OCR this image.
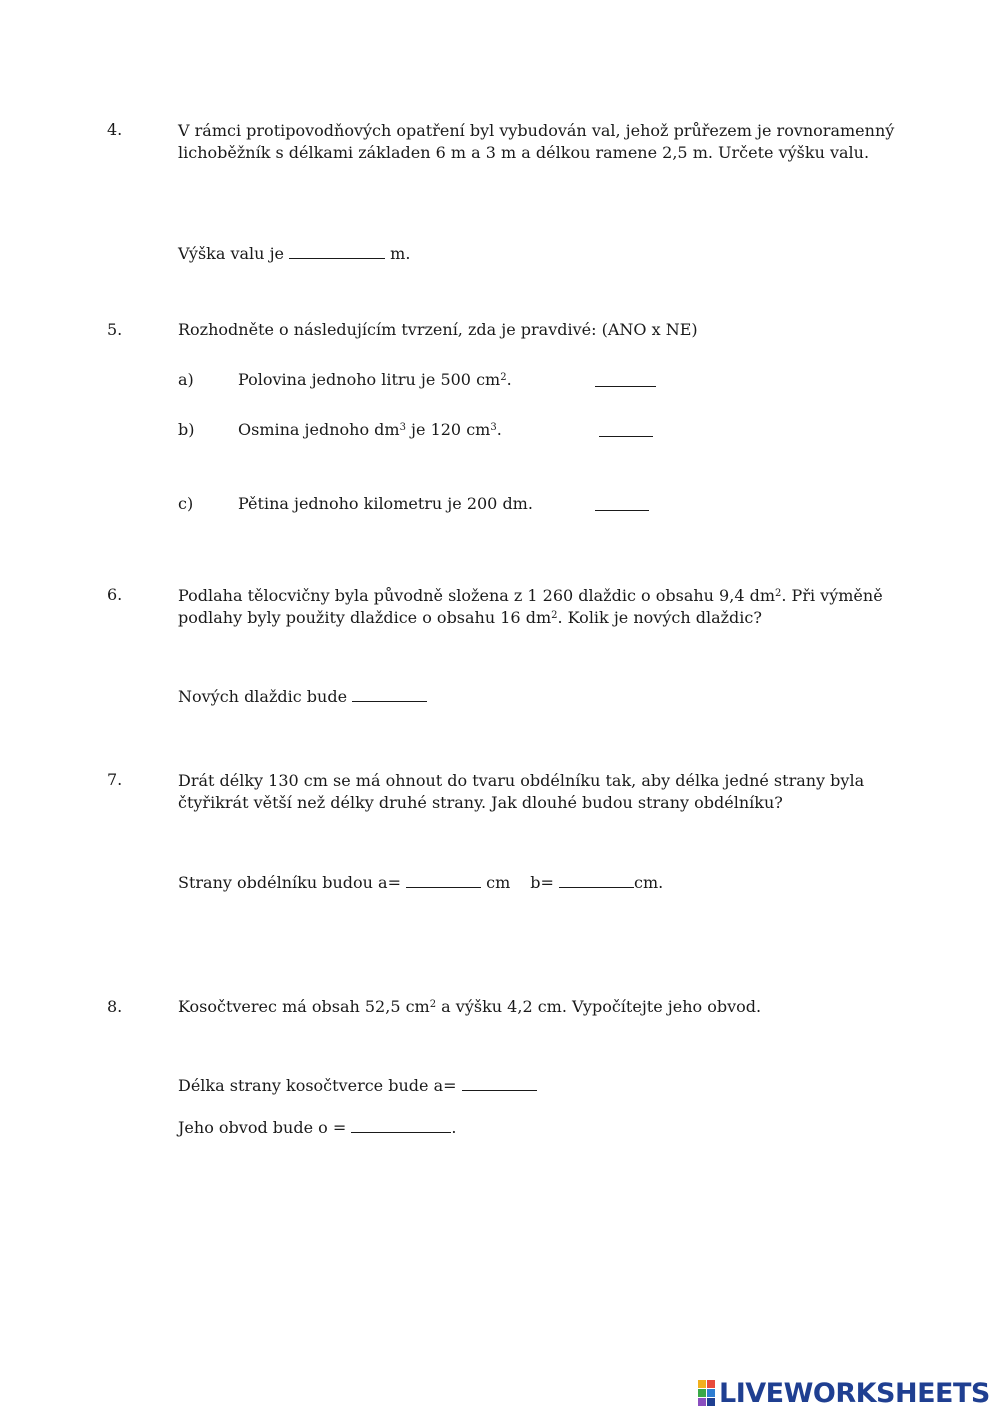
4.	V rámci protipovodňových opatření byl vybudován val, jehož průřezem je rovnoramenný
lichoběžník s délkami základen 6 m a 3 m a délkou ramene 2,5 m. Určete výšku valu.
Výška valu je	m.
5.	Rozhodněte o následujícím tvrzení, zda je pravdivé: (ANO x NE)
a)	Polovina jednoho litru je 500 $cm^2$.
b)	Osmina jednoho $dm^3$ je 120 $cm^3$.
c)	Pětina jednoho kilometru je 200 dm.
6.	Podlaha tělocvičny byla původně složena z 1 260 dlaždic o obsahu 9,4 $dm^2$. Při výměně
podlahy byly použity dlaždice o obsahu 16 $dm^2$. Kolik je nových dlaždic?
Nových dlaždic bude
7.	Drát délky 130 cm se má ohnout do tvaru obdélníku tak, aby délka jedné strany byla
čtyřikrát větší než délky druhé strany. Jak dlouhé budou strany obdélníku?
Strany obdélníku budou a=	cm b=	cm.
8.	Kosočtverec má obsah 52,5 $cm^2$ a výšku 4,2 cm. Vypočítejte jeho obvod.
Délka strany kosočtverce bude a=
Jeho obvod bude o =	.
LIVEWORKSHEETS
